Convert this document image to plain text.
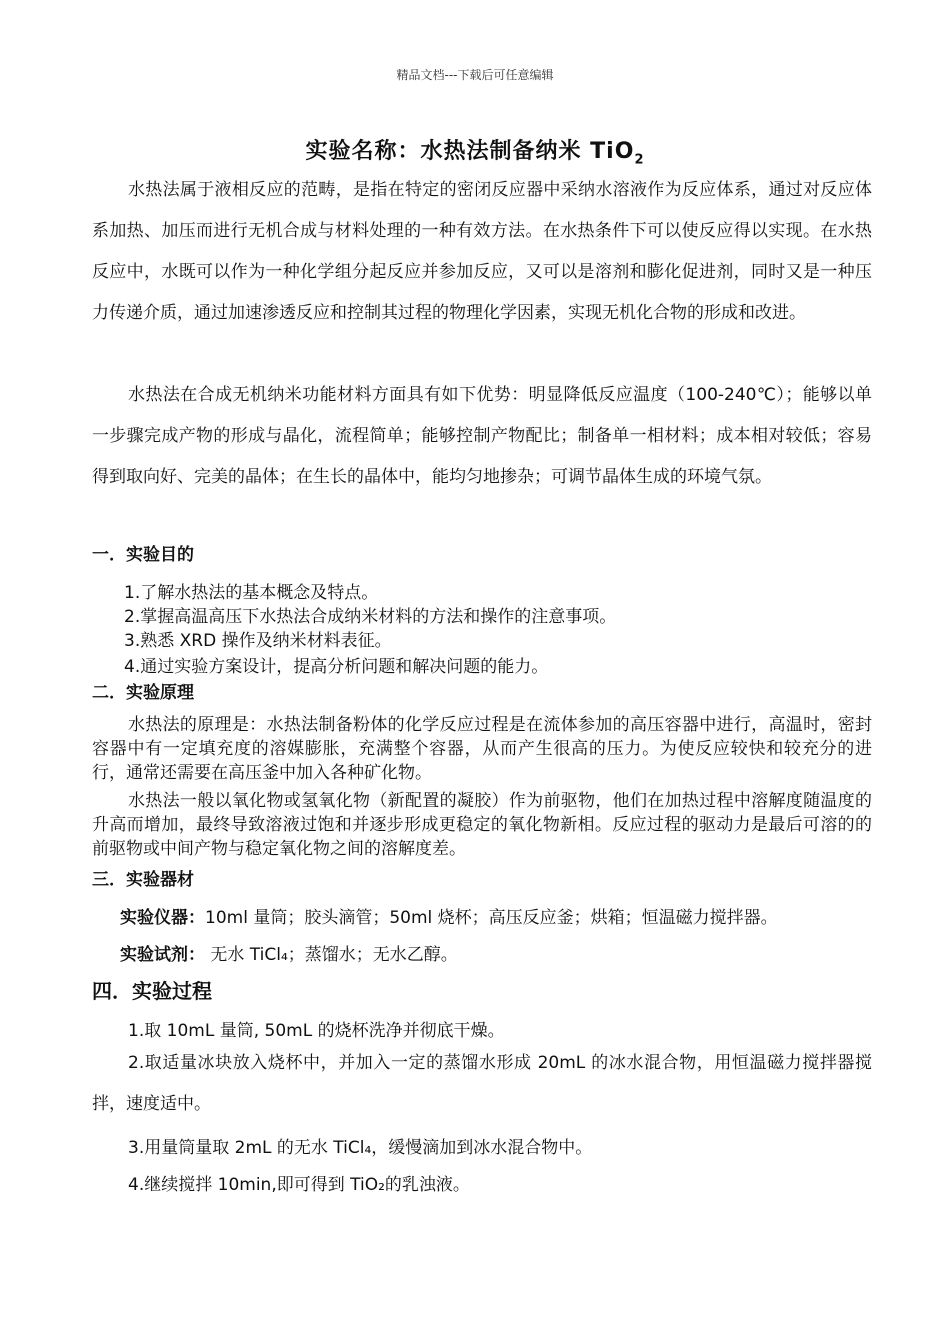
精品文档---下载后可任意编辑
实验名称：水热法制备纳米 TiO$_2$
水热法属于液相反应的范畴，是指在特定的密闭反应器中采纳水溶液作为反应体系，通过对反应体系加热、加压而进行无机合成与材料处理的一种有效方法。在水热条件下可以使反应得以实现。在水热反应中，水既可以作为一种化学组分起反应并参加反应，又可以是溶剂和膨化促进剂，同时又是一种压力传递介质，通过加速渗透反应和控制其过程的物理化学因素，实现无机化合物的形成和改进。
水热法在合成无机纳米功能材料方面具有如下优势：明显降低反应温度（100-240℃）；能够以单一步骤完成产物的形成与晶化，流程简单；能够控制产物配比；制备单一相材料；成本相对较低；容易得到取向好、完美的晶体；在生长的晶体中，能均匀地掺杂；可调节晶体生成的环境气氛。
一．实验目的
1.了解水热法的基本概念及特点。
2.掌握高温高压下水热法合成纳米材料的方法和操作的注意事项。
3.熟悉 XRD 操作及纳米材料表征。
4.通过实验方案设计，提高分析问题和解决问题的能力。
二．实验原理
水热法的原理是：水热法制备粉体的化学反应过程是在流体参加的高压容器中进行，高温时，密封容器中有一定填充度的溶媒膨胀，充满整个容器，从而产生很高的压力。为使反应较快和较充分的进行，通常还需要在高压釜中加入各种矿化物。
水热法一般以氧化物或氢氧化物（新配置的凝胶）作为前驱物，他们在加热过程中溶解度随温度的升高而增加，最终导致溶液过饱和并逐步形成更稳定的氧化物新相。反应过程的驱动力是最后可溶的的前驱物或中间产物与稳定氧化物之间的溶解度差。
三．实验器材
实验仪器：10ml 量筒；胶头滴管；50ml 烧杯；高压反应釜；烘箱；恒温磁力搅拌器。
实验试剂： 无水 TiCl₄；蒸馏水；无水乙醇。
四．实验过程
1.取 10mL 量筒, 50mL 的烧杯洗净并彻底干燥。
2.取适量冰块放入烧杯中，并加入一定的蒸馏水形成 20mL 的冰水混合物，用恒温磁力搅拌器搅拌，速度适中。
3.用量筒量取 2mL 的无水 TiCl₄，缓慢滴加到冰水混合物中。
4.继续搅拌 10min,即可得到 TiO₂的乳浊液。
